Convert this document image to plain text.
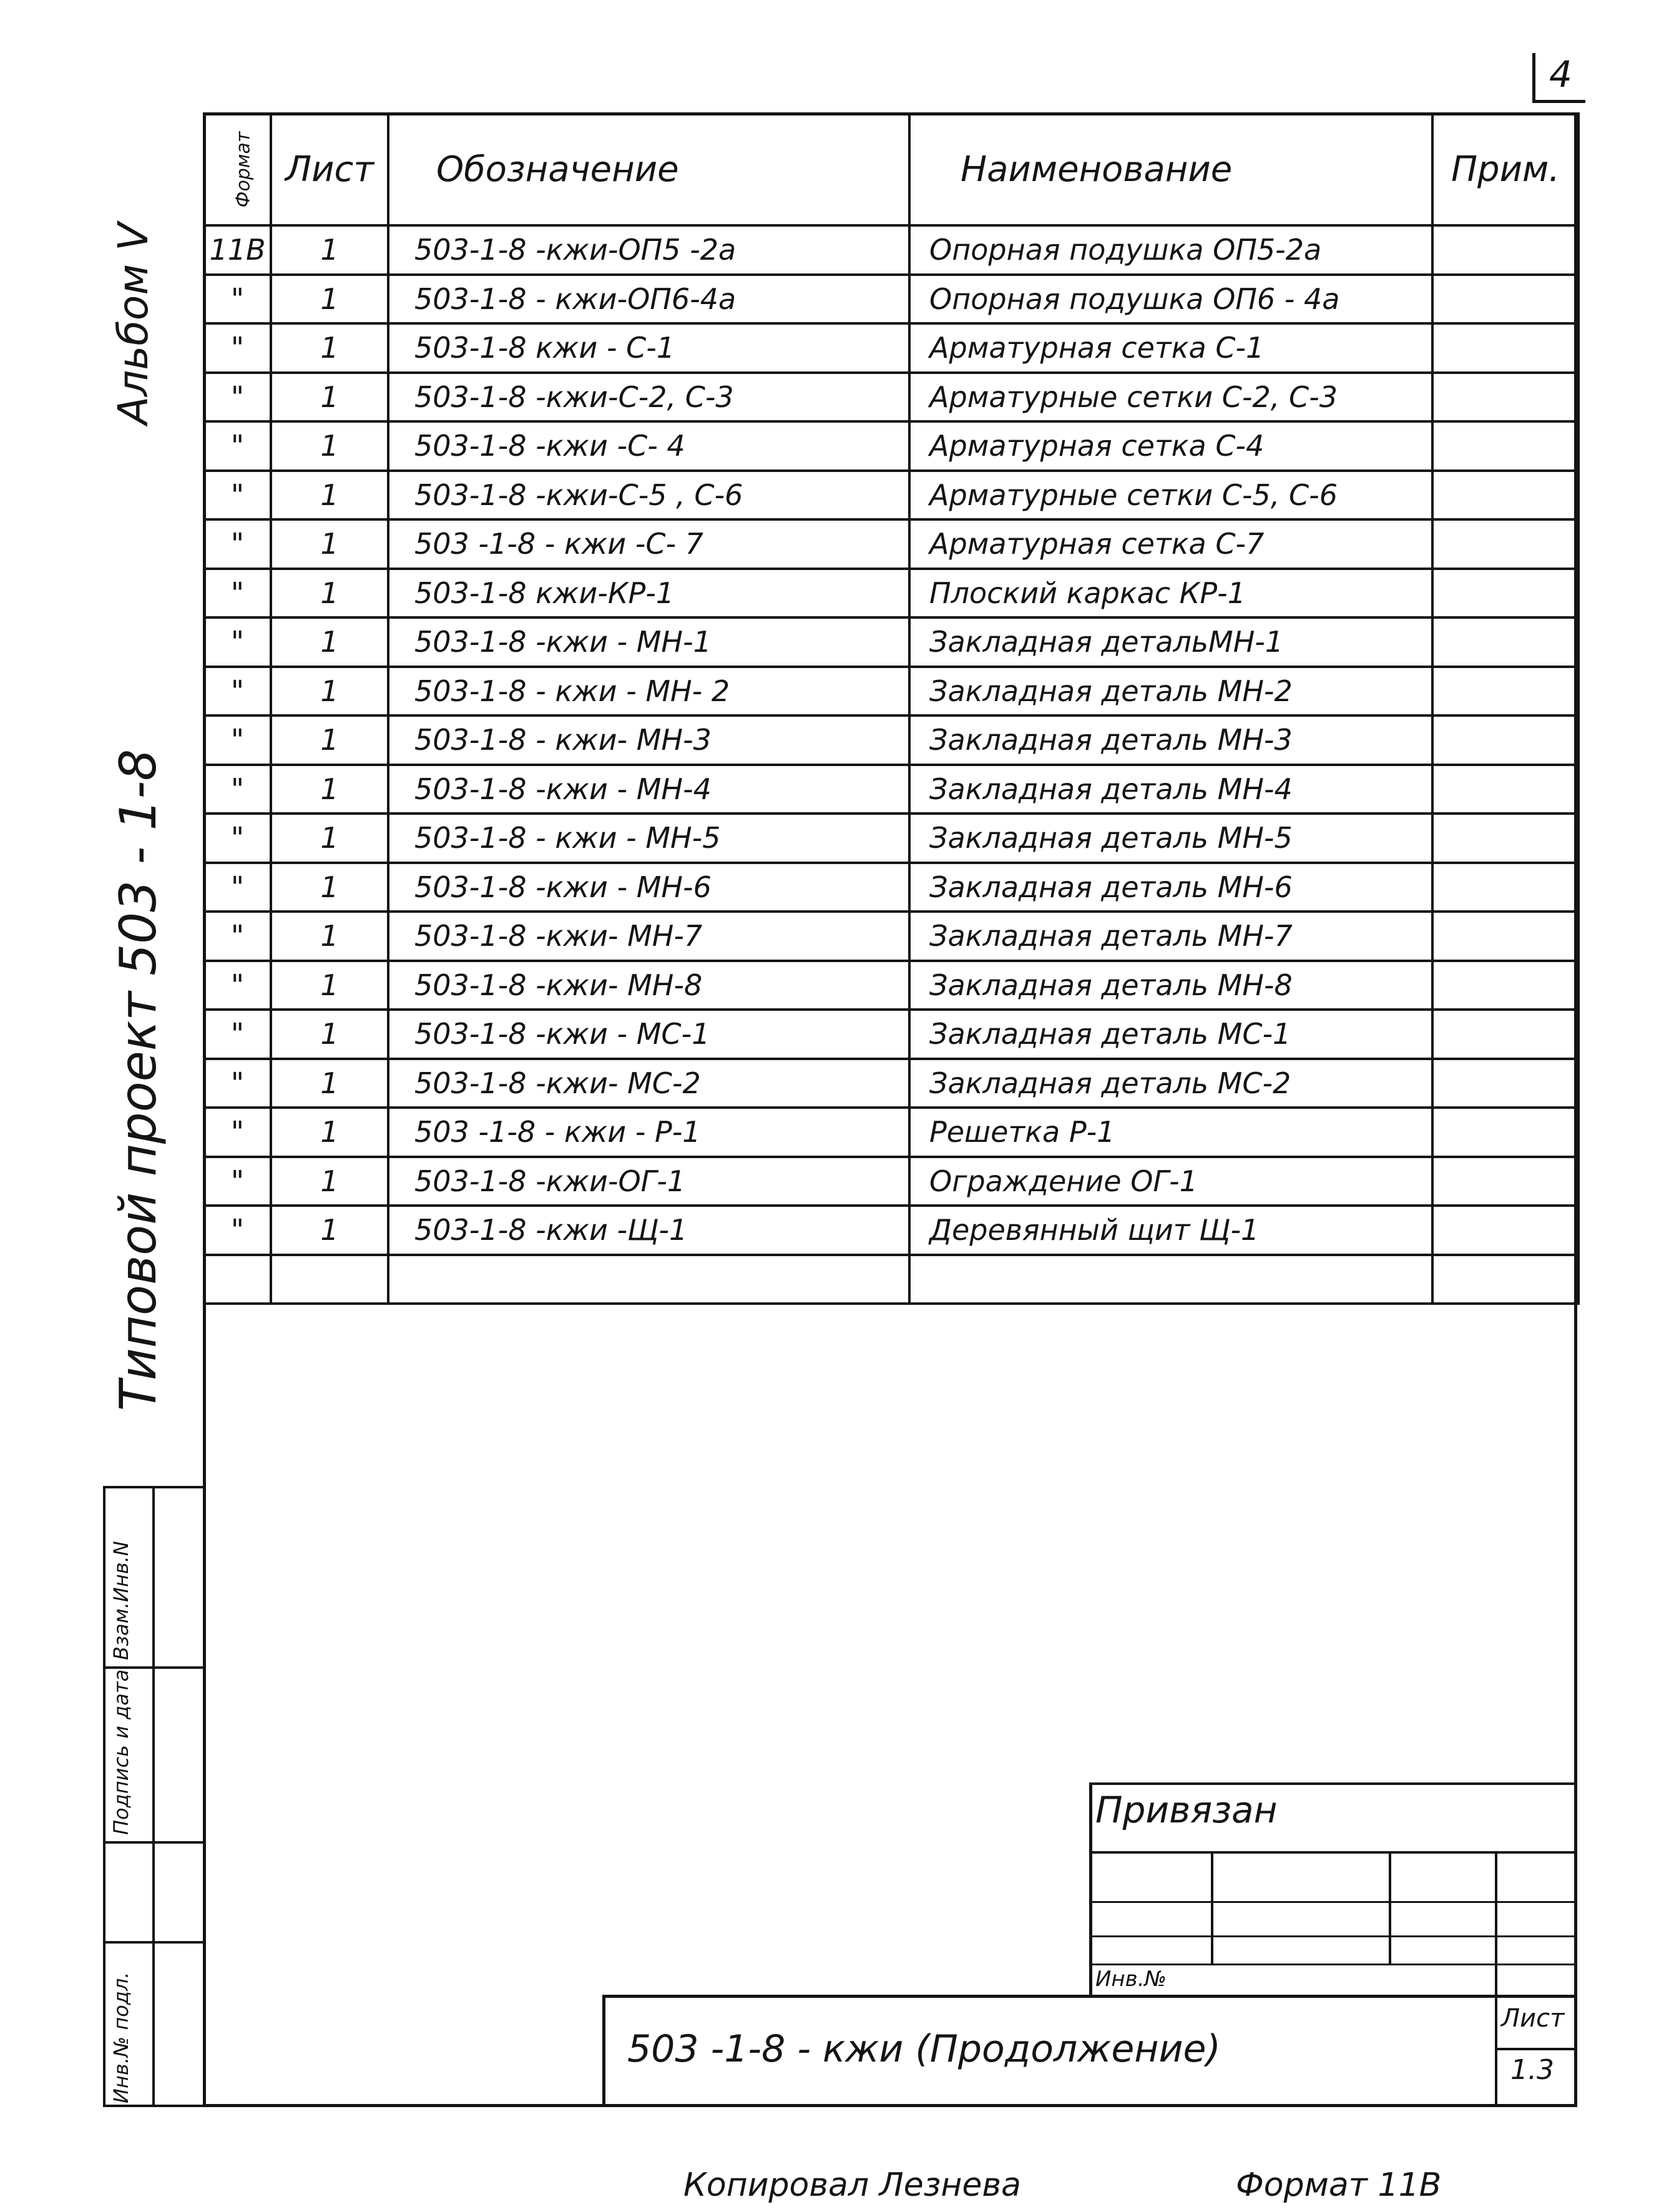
4
Альбом V
Типовой проект 503 - 1-8
Формат	Лист	Обозначение	Наименование	Прим.
11В	1	503-1-8 -кжи-ОП5 -2а	Опорная подушка ОП5-2а	
"	1	503-1-8 - кжи-ОП6-4а	Опорная подушка ОП6 - 4а	
"	1	503-1-8 кжи - С-1	Арматурная сетка С-1	
"	1	503-1-8 -кжи-С-2, С-3	Арматурные сетки С-2, С-3	
"	1	503-1-8 -кжи -С- 4	Арматурная сетка С-4	
"	1	503-1-8 -кжи-С-5 , С-6	Арматурные сетки С-5, С-6	
"	1	503 -1-8 - кжи -С- 7	Арматурная сетка С-7	
"	1	503-1-8 кжи-КР-1	Плоский каркас КР-1	
"	1	503-1-8 -кжи - МН-1	Закладная детальМН-1	
"	1	503-1-8 - кжи - МН- 2	Закладная деталь МН-2	
"	1	503-1-8 - кжи- МН-3	Закладная деталь МН-3	
"	1	503-1-8 -кжи - МН-4	Закладная деталь МН-4	
"	1	503-1-8 - кжи - МН-5	Закладная деталь МН-5	
"	1	503-1-8 -кжи - МН-6	Закладная деталь МН-6	
"	1	503-1-8 -кжи- МН-7	Закладная деталь МН-7	
"	1	503-1-8 -кжи- МН-8	Закладная деталь МН-8	
"	1	503-1-8 -кжи - МС-1	Закладная деталь МС-1	
"	1	503-1-8 -кжи- МС-2	Закладная деталь МС-2	
"	1	503 -1-8 - кжи - Р-1	Решетка Р-1	
"	1	503-1-8 -кжи-ОГ-1	Ограждение ОГ-1	
"	1	503-1-8 -кжи -Щ-1	Деревянный щит Щ-1	

Взам.Инв.N
Подпись и дата
Инв.№ подл.
Привязан
Инв.№
503 -1-8 - кжи (Продолжение)
Лист
1.3
Копировал Лезнева	Формат 11В
